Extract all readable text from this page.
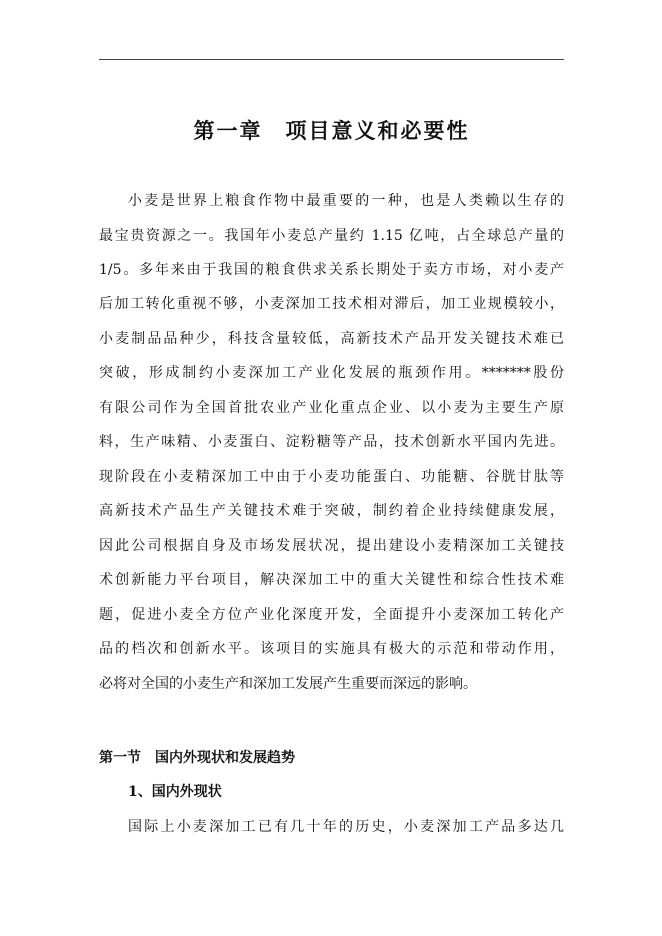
第一章　项目意义和必要性
小麦是世界上粮食作物中最重要的一种，也是人类赖以生存的
最宝贵资源之一。我国年小麦总产量约 1.15 亿吨，占全球总产量的
1/5。多年来由于我国的粮食供求关系长期处于卖方市场，对小麦产
后加工转化重视不够，小麦深加工技术相对滞后，加工业规模较小，
小麦制品品种少，科技含量较低，高新技术产品开发关键技术难已
突破，形成制约小麦深加工产业化发展的瓶颈作用。*******股份
有限公司作为全国首批农业产业化重点企业、以小麦为主要生产原
料，生产味精、小麦蛋白、淀粉糖等产品，技术创新水平国内先进。
现阶段在小麦精深加工中由于小麦功能蛋白、功能糖、谷胱甘肽等
高新技术产品生产关键技术难于突破，制约着企业持续健康发展，
因此公司根据自身及市场发展状况，提出建设小麦精深加工关键技
术创新能力平台项目，解决深加工中的重大关键性和综合性技术难
题，促进小麦全方位产业化深度开发，全面提升小麦深加工转化产
品的档次和创新水平。该项目的实施具有极大的示范和带动作用，
必将对全国的小麦生产和深加工发展产生重要而深远的影响。
第一节　国内外现状和发展趋势
1、国内外现状
国际上小麦深加工已有几十年的历史，小麦深加工产品多达几
